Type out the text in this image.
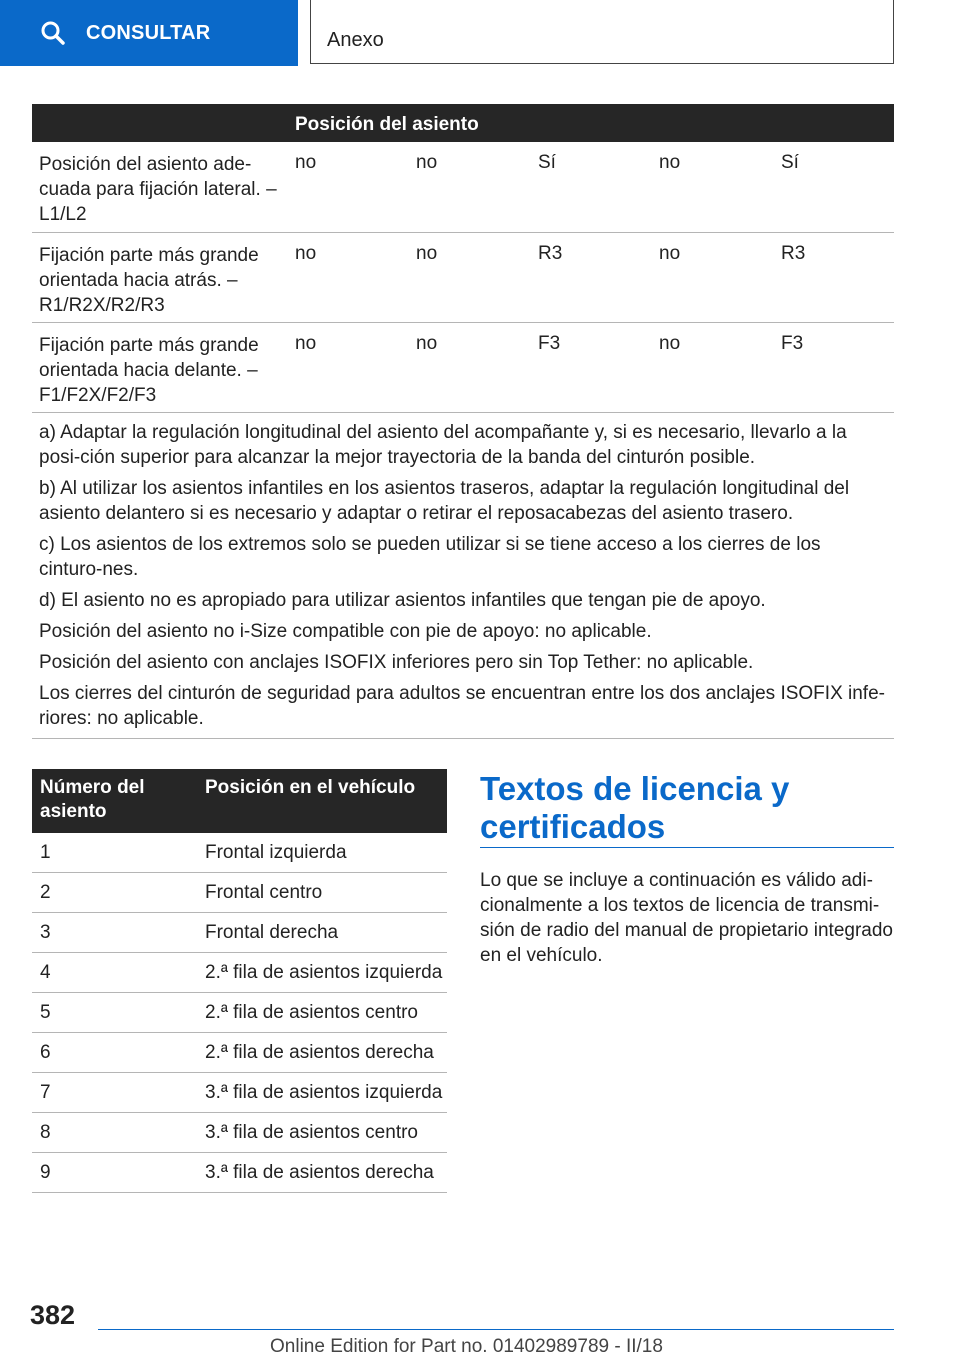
CONSULTAR	Anexo
Posición del asiento
Posición del asiento ade-
cuada para fijación lateral. –
L1/L2
no	no	Sí	no	Sí
Fijación parte más grande
orientada hacia atrás. –
R1/R2X/R2/R3
no	no	R3	no	R3
Fijación parte más grande
orientada hacia delante. –
F1/F2X/F2/F3
no	no	F3	no	F3

a) Adaptar la regulación longitudinal del asiento del acompañante y, si es necesario, llevarlo a la posi-ción superior para alcanzar la mejor trayectoria de la banda del cinturón posible.

b) Al utilizar los asientos infantiles en los asientos traseros, adaptar la regulación longitudinal del asiento delantero si es necesario y adaptar o retirar el reposacabezas del asiento trasero.

c) Los asientos de los extremos solo se pueden utilizar si se tiene acceso a los cierres de los cinturo-nes.

d) El asiento no es apropiado para utilizar asientos infantiles que tengan pie de apoyo.

Posición del asiento no i-Size compatible con pie de apoyo: no aplicable.

Posición del asiento con anclajes ISOFIX inferiores pero sin Top Tether: no aplicable.

Los cierres del cinturón de seguridad para adultos se encuentran entre los dos anclajes ISOFIX infe-riores: no aplicable.

Número del asiento
Posición en el vehículo
1	Frontal izquierda
2	Frontal centro
3	Frontal derecha
4	2.ª fila de asientos izquierda
5	2.ª fila de asientos centro
6	2.ª fila de asientos derecha
7	3.ª fila de asientos izquierda
8	3.ª fila de asientos centro
9	3.ª fila de asientos derecha
Textos de licencia y certificados

Lo que se incluye a continuación es válido adi-cionalmente a los textos de licencia de transmi-sión de radio del manual de propietario integrado en el vehículo.

382
Online Edition for Part no. 01402989789 - II/18
